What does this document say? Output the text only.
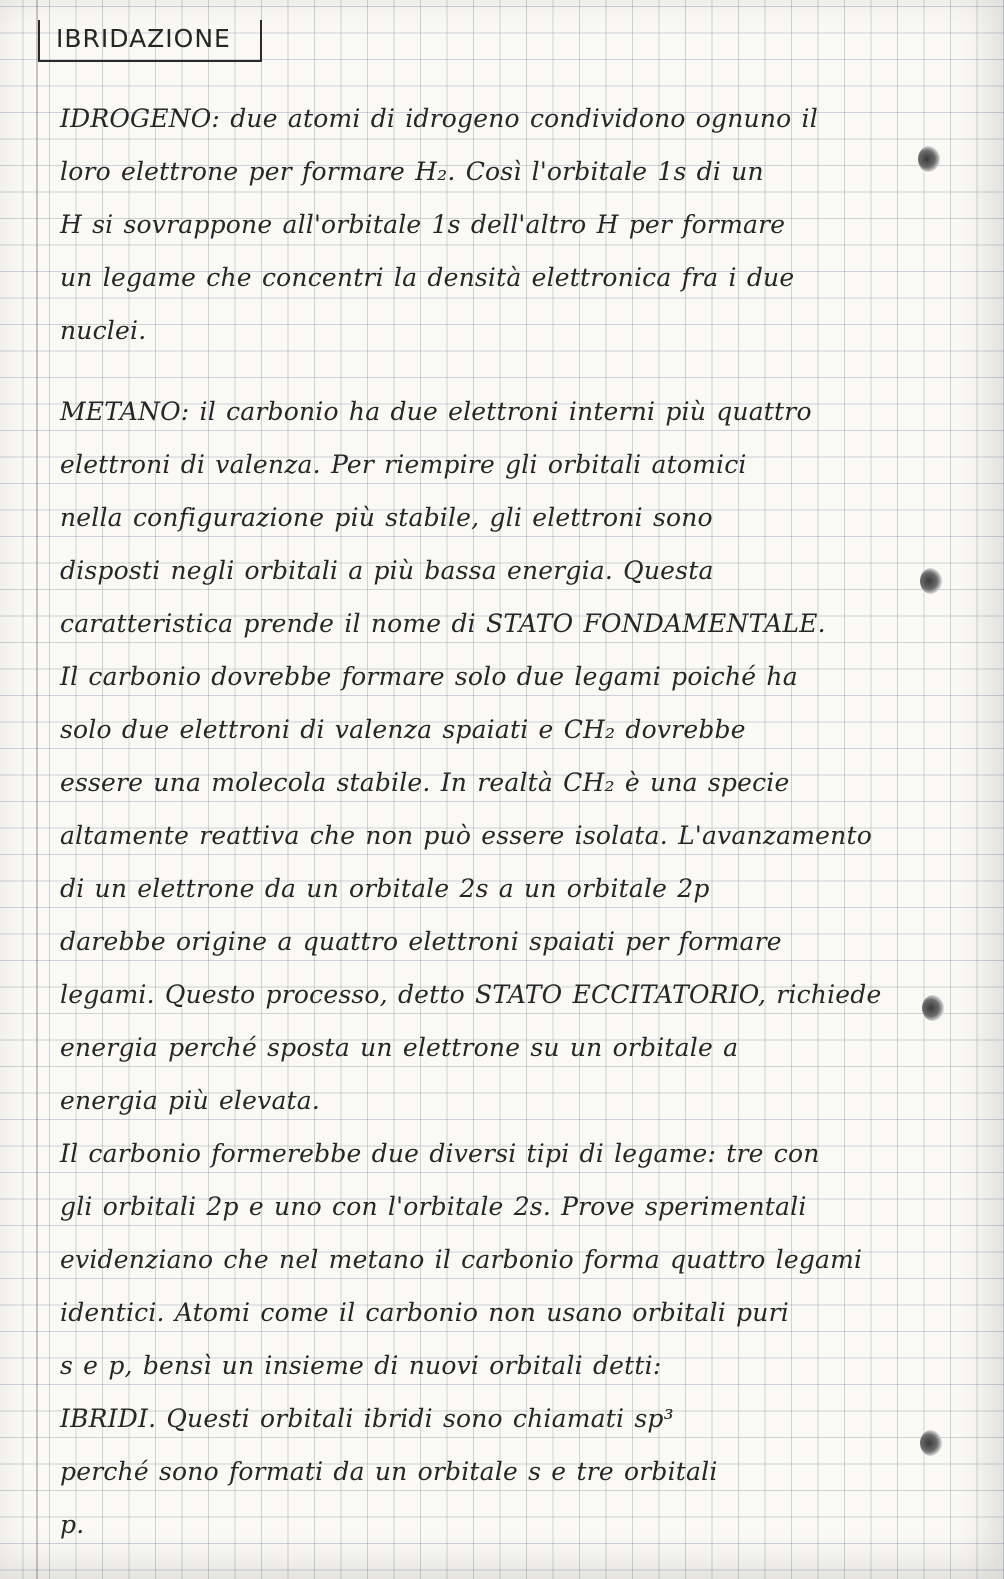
IBRIDAZIONE
IDROGENO: due atomi di idrogeno condividono ognuno il
loro elettrone per formare H₂. Così l'orbitale 1s di un
H si sovrappone all'orbitale 1s dell'altro H per formare
un legame che concentri la densità elettronica fra i due
nuclei.
METANO: il carbonio ha due elettroni interni più quattro
elettroni di valenza. Per riempire gli orbitali atomici
nella configurazione più stabile, gli elettroni sono
disposti negli orbitali a più bassa energia. Questa
caratteristica prende il nome di STATO FONDAMENTALE.
Il carbonio dovrebbe formare solo due legami poiché ha
solo due elettroni di valenza spaiati e CH₂ dovrebbe
essere una molecola stabile. In realtà CH₂ è una specie
altamente reattiva che non può essere isolata. L'avanzamento
di un elettrone da un orbitale 2s a un orbitale 2p
darebbe origine a quattro elettroni spaiati per formare
legami. Questo processo, detto STATO ECCITATORIO, richiede
energia perché sposta un elettrone su un orbitale a
energia più elevata.
Il carbonio formerebbe due diversi tipi di legame: tre con
gli orbitali 2p e uno con l'orbitale 2s. Prove sperimentali
evidenziano che nel metano il carbonio forma quattro legami
identici. Atomi come il carbonio non usano orbitali puri
s e p, bensì un insieme di nuovi orbitali detti:
IBRIDI. Questi orbitali ibridi sono chiamati sp³
perché sono formati da un orbitale s e tre orbitali
p.
